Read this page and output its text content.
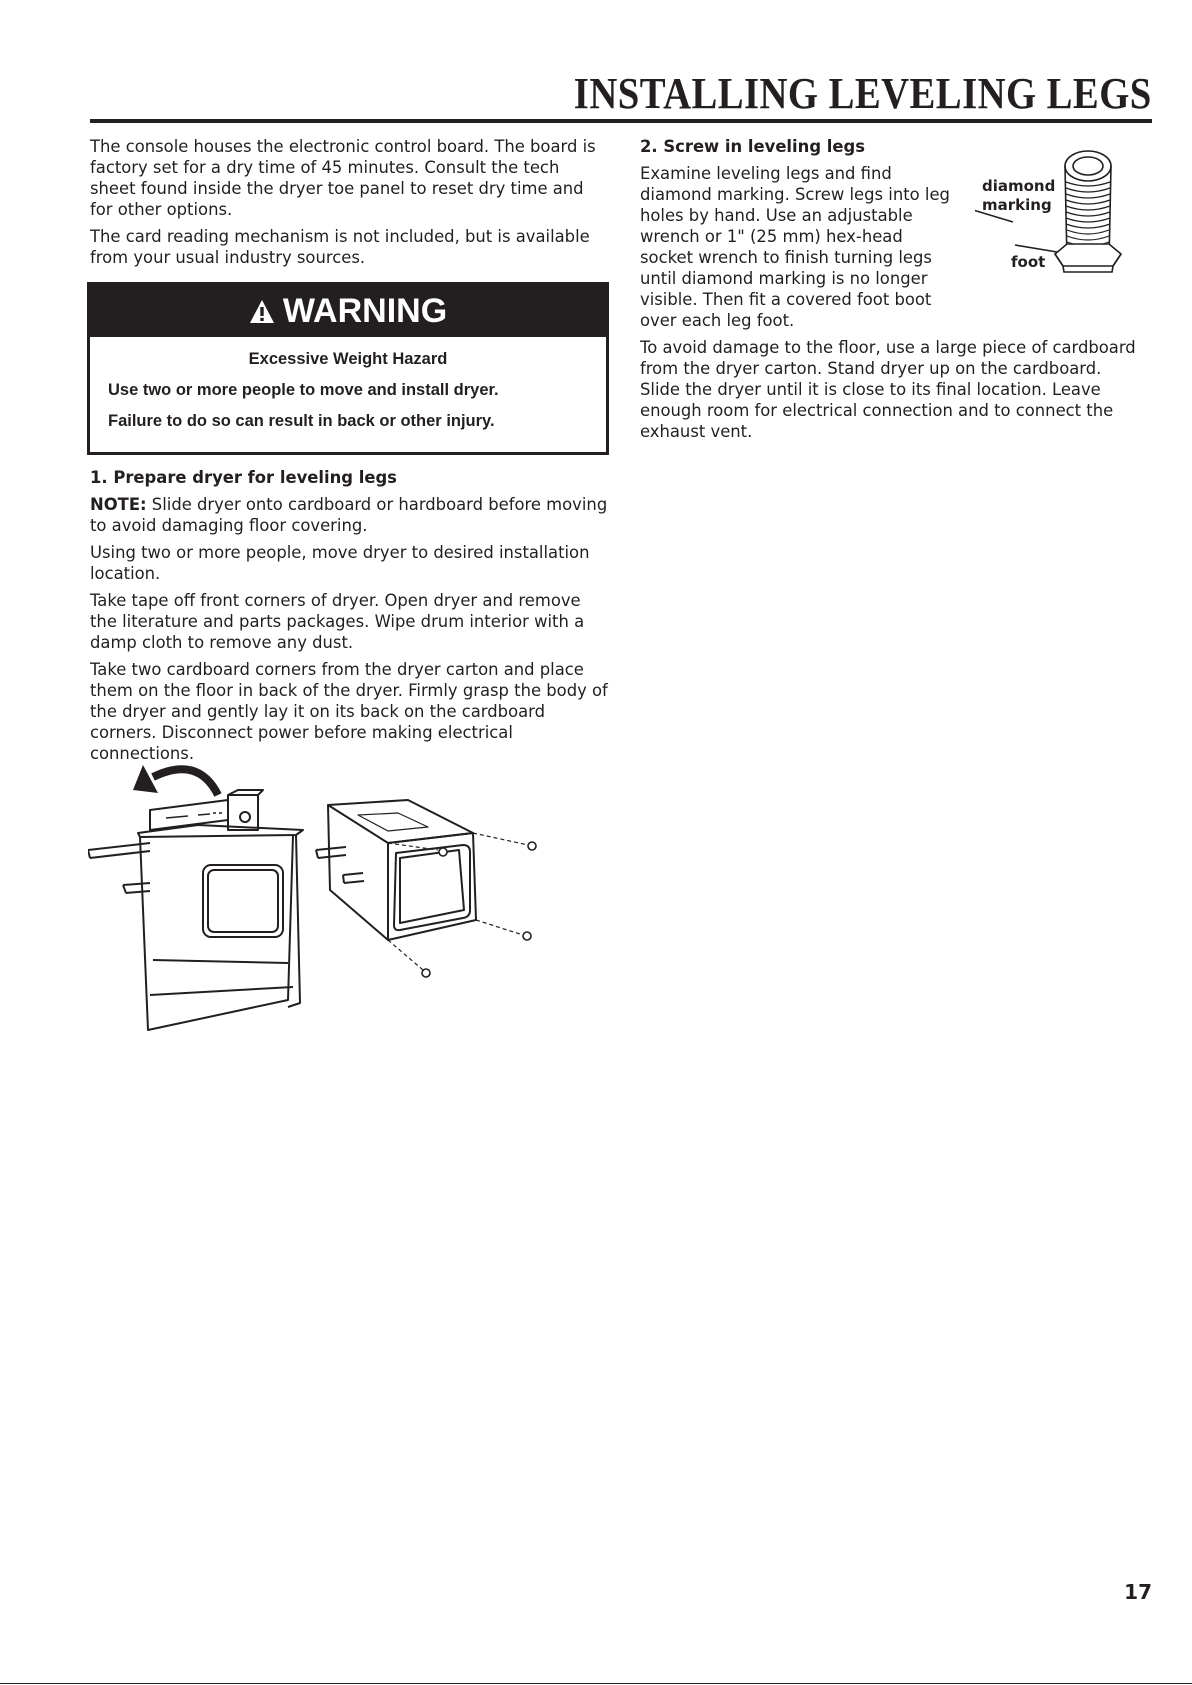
INSTALLING LEVELING LEGS

The console houses the electronic control board. The board is factory set for a dry time of 45 minutes. Consult the tech sheet found inside the dryer toe panel to reset dry time and for other options.

The card reading mechanism is not included, but is available from your usual industry sources.

WARNING
Excessive Weight Hazard
Use two or more people to move and install dryer.
Failure to do so can result in back or other injury.

1. Prepare dryer for leveling legs

NOTE: Slide dryer onto cardboard or hardboard before moving to avoid damaging floor covering.

Using two or more people, move dryer to desired installation location.

Take tape off front corners of dryer. Open dryer and remove the literature and parts packages. Wipe drum interior with a damp cloth to remove any dust.

Take two cardboard corners from the dryer carton and place them on the floor in back of the dryer. Firmly grasp the body of the dryer and gently lay it on its back on the cardboard corners. Disconnect power before making electrical connections.

2. Screw in leveling legs

Examine leveling legs and find diamond marking. Screw legs into leg holes by hand. Use an adjustable wrench or 1" (25 mm) hex-head socket wrench to finish turning legs until diamond marking is no longer visible. Then fit a covered foot boot over each leg foot.

To avoid damage to the floor, use a large piece of cardboard from the dryer carton. Stand dryer up on the cardboard. Slide the dryer until it is close to its final location. Leave enough room for electrical connection and to connect the exhaust vent.

diamond
marking
foot
17
